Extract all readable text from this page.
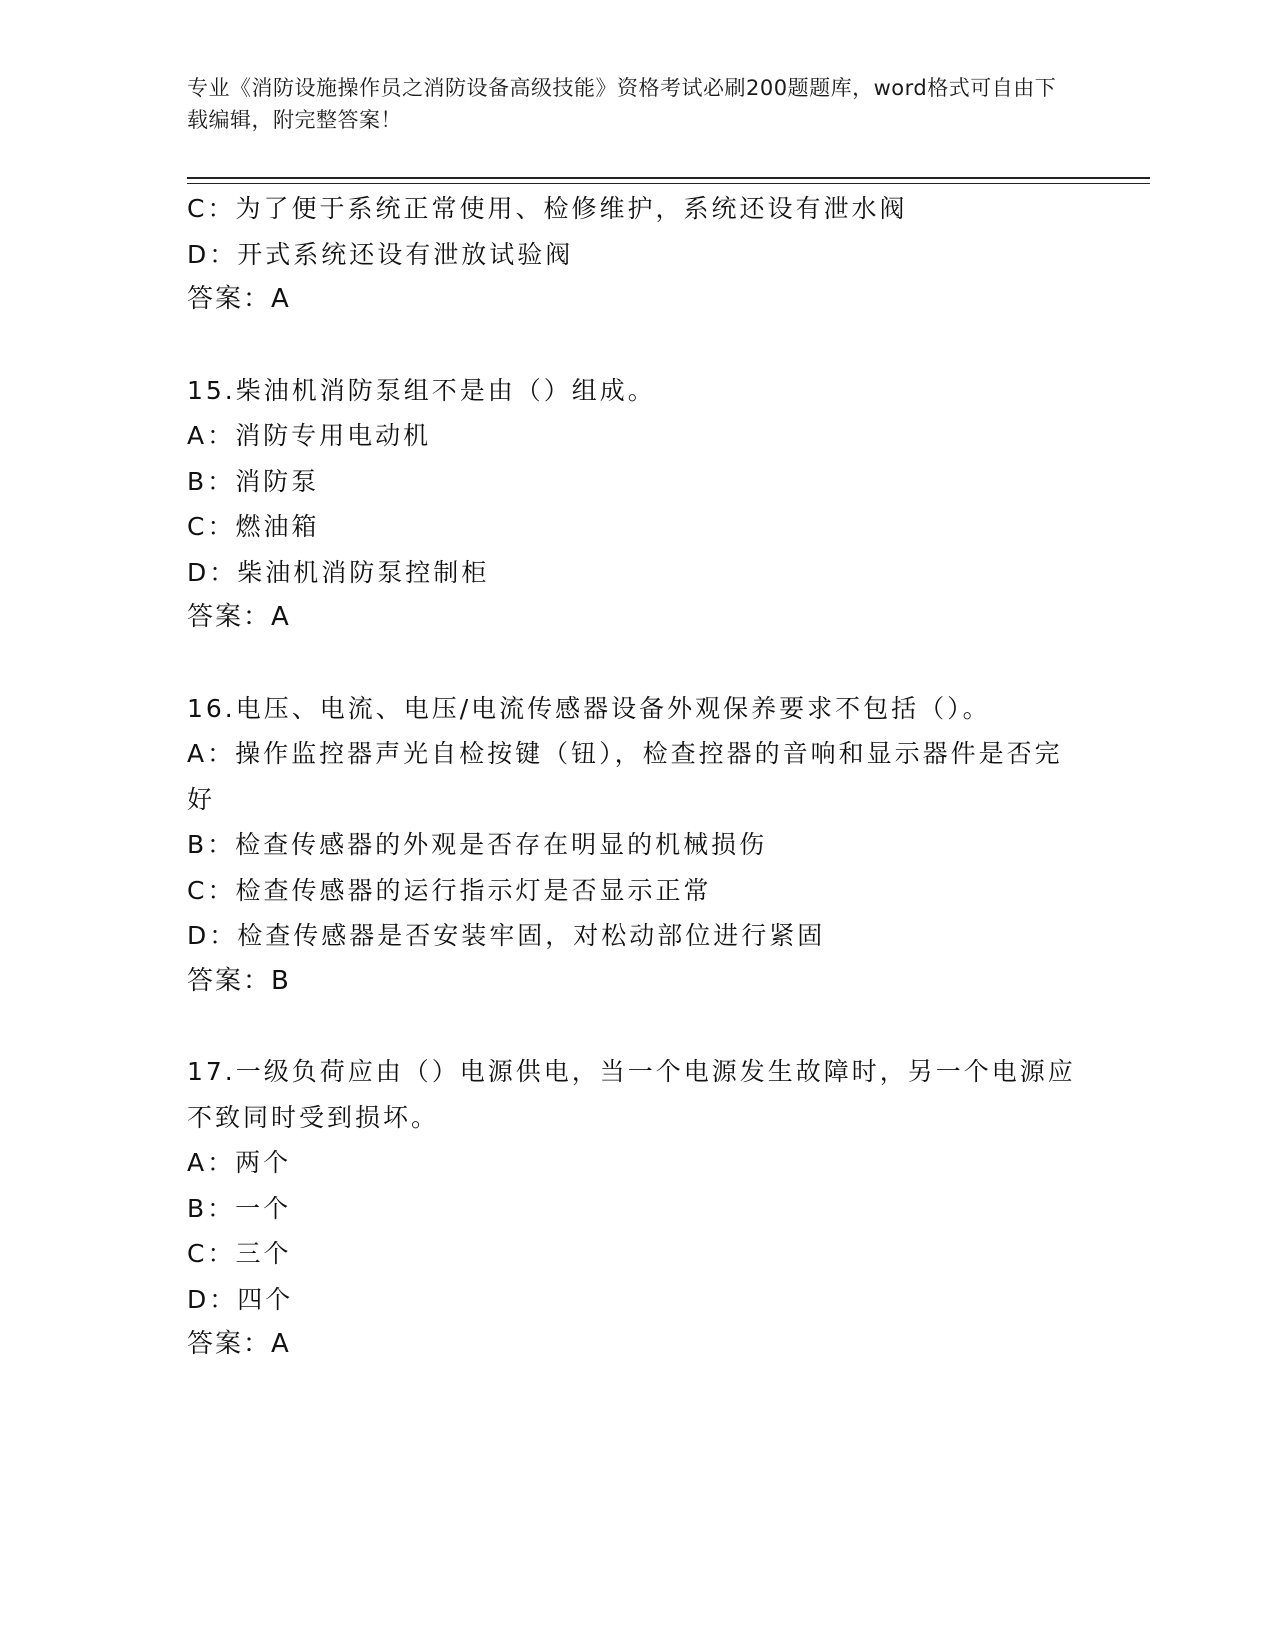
专业《消防设施操作员之消防设备高级技能》资格考试必刷200题题库，word格式可自由下载编辑，附完整答案！
C：为了便于系统正常使用、检修维护，系统还设有泄水阀
D：开式系统还设有泄放试验阀
答案：A
15.柴油机消防泵组不是由（）组成。
A：消防专用电动机
B：消防泵
C：燃油箱
D：柴油机消防泵控制柜
答案：A
16.电压、电流、电压/电流传感器设备外观保养要求不包括（）。
A：操作监控器声光自检按键（钮），检查控器的音响和显示器件是否完好
B：检查传感器的外观是否存在明显的机械损伤
C：检查传感器的运行指示灯是否显示正常
D：检查传感器是否安装牢固，对松动部位进行紧固
答案：B
17.一级负荷应由（）电源供电，当一个电源发生故障时，另一个电源应不致同时受到损坏。
A：两个
B：一个
C：三个
D：四个
答案：A
